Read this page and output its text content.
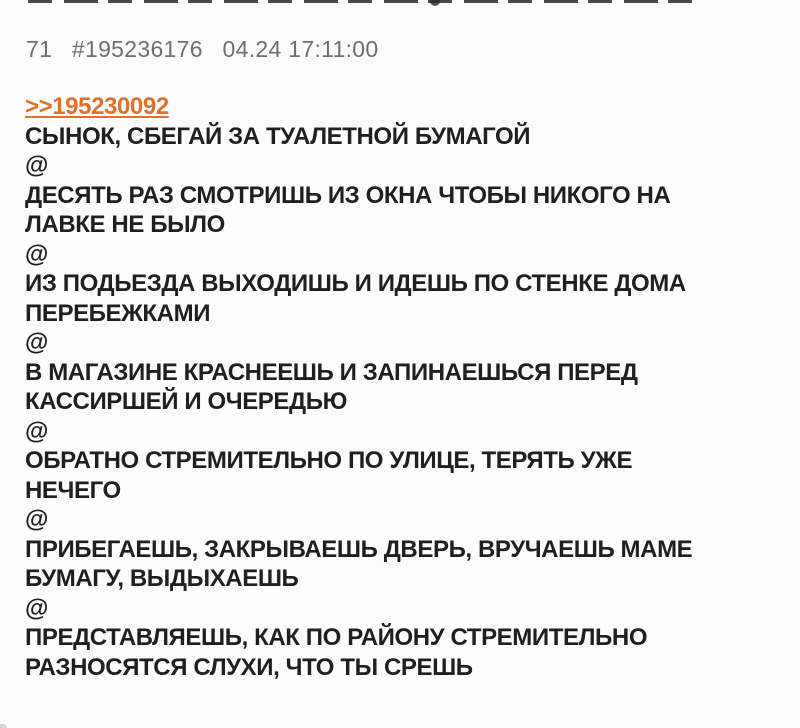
71 #195236176 04.24 17:11:00
>>195230092
СЫНОК, СБЕГАЙ ЗА ТУАЛЕТНОЙ БУМАГОЙ
@
ДЕСЯТЬ РАЗ СМОТРИШЬ ИЗ ОКНА ЧТОБЫ НИКОГО НА
ЛАВКЕ НЕ БЫЛО
@
ИЗ ПОДЬЕЗДА ВЫХОДИШЬ И ИДЕШЬ ПО СТЕНКЕ ДОМА
ПЕРЕБЕЖКАМИ
@
В МАГАЗИНЕ КРАСНЕЕШЬ И ЗАПИНАЕШЬСЯ ПЕРЕД
КАССИРШЕЙ И ОЧЕРЕДЬЮ
@
ОБРАТНО СТРЕМИТЕЛЬНО ПО УЛИЦЕ, ТЕРЯТЬ УЖЕ
НЕЧЕГО
@
ПРИБЕГАЕШЬ, ЗАКРЫВАЕШЬ ДВЕРЬ, ВРУЧАЕШЬ МАМЕ
БУМАГУ, ВЫДЫХАЕШЬ
@
ПРЕДСТАВЛЯЕШЬ, КАК ПО РАЙОНУ СТРЕМИТЕЛЬНО
РАЗНОСЯТСЯ СЛУХИ, ЧТО ТЫ СРЕШЬ
